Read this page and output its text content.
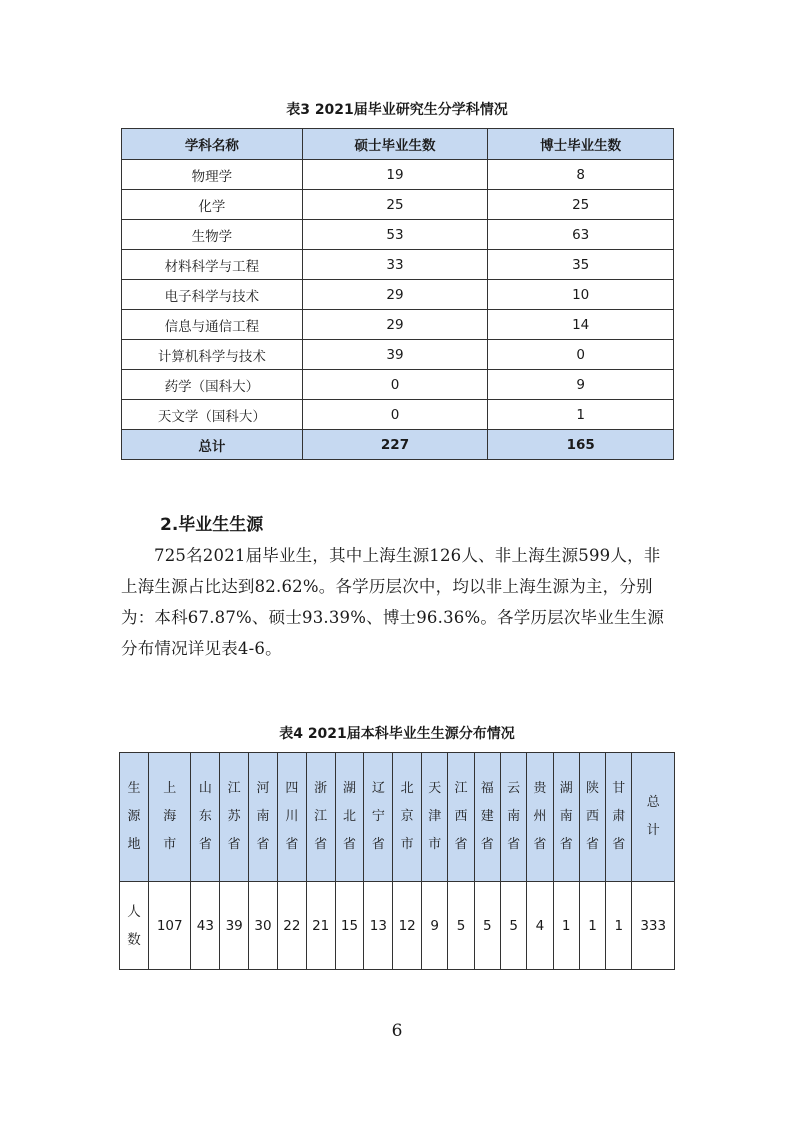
表3 2021届毕业研究生分学科情况
学科名称	硕士毕业生数	博士毕业生数
物理学	19	8
化学	25	25
生物学	53	63
材料科学与工程	33	35
电子科学与技术	29	10
信息与通信工程	29	14
计算机科学与技术	39	0
药学（国科大）	0	9
天文学（国科大）	0	1
总计	227	165
2.毕业生生源
725名2021届毕业生，其中上海生源126人、非上海生源599人，非上海生源占比达到82.62%。各学历层次中，均以非上海生源为主，分别为：本科67.87%、硕士93.39%、博士96.36%。各学历层次毕业生生源分布情况详见表4-6。
表4 2021届本科毕业生生源分布情况
生源地	上海市	山东省	江苏省	河南省	四川省	浙江省	湖北省	辽宁省	北京市	天津市	江西省	福建省	云南省	贵州省	湖南省	陕西省	甘肃省	总计
人数	107	43	39	30	22	21	15	13	12	9	5	5	5	4	1	1	1	333
6
